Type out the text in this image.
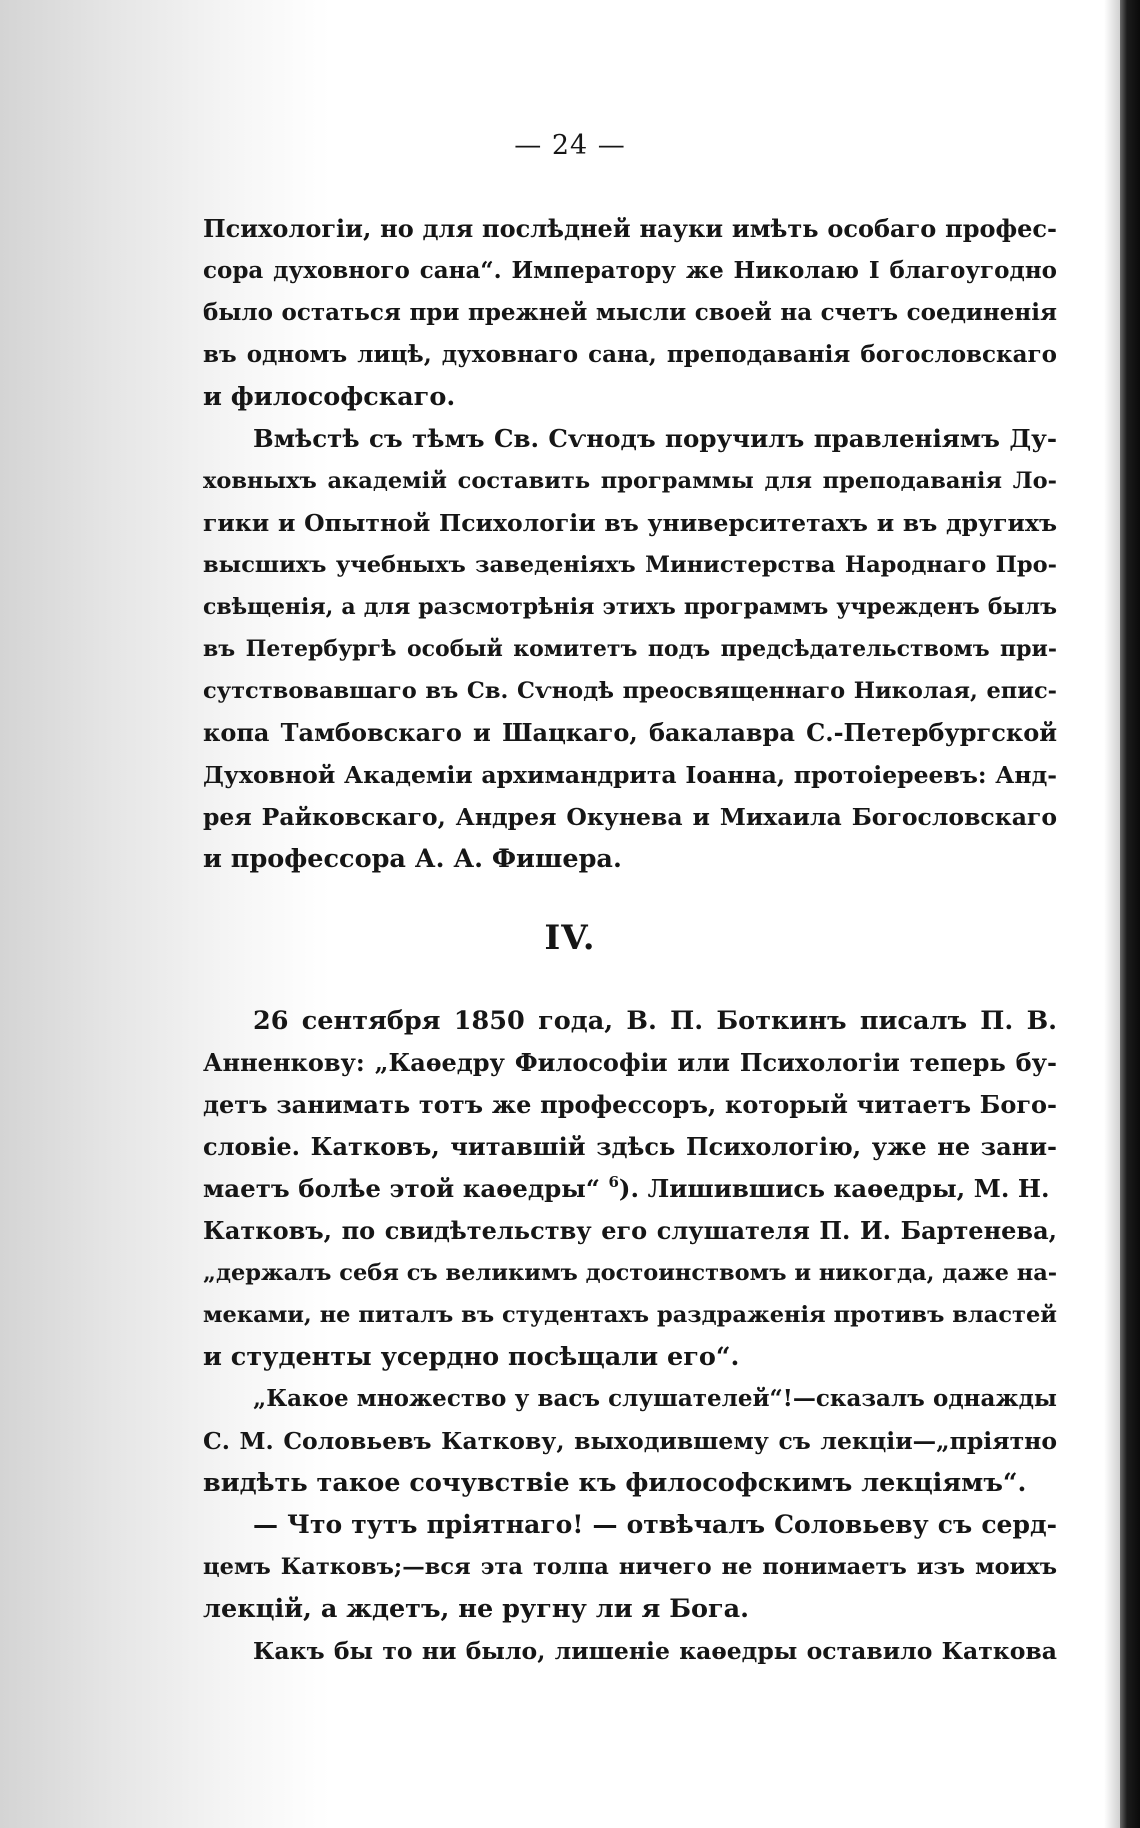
— 24 —
Психологіи, но для послѣдней науки имѣть особаго профес-
сора духовного сана“. Императору же Николаю I благоугодно
было остаться при прежней мысли своей на счетъ соединенія
въ одномъ лицѣ, духовнаго сана, преподаванія богословскаго
и философскаго.
Вмѣстѣ съ тѣмъ Св. Сѵнодъ поручилъ правленіямъ Ду-
ховныхъ академій составить программы для преподаванія Ло-
гики и Опытной Психологіи въ университетахъ и въ другихъ
высшихъ учебныхъ заведеніяхъ Министерства Народнаго Про-
свѣщенія, а для разсмотрѣнія этихъ программъ учрежденъ былъ
въ Петербургѣ особый комитетъ подъ предсѣдательствомъ при-
сутствовавшаго въ Св. Сѵнодѣ преосвященнаго Николая, епис-
копа Тамбовскаго и Шацкаго, бакалавра С.-Петербургской
Духовной Академіи архимандрита Іоанна, протоіереевъ: Анд-
рея Райковскаго, Андрея Окунева и Михаила Богословскаго
и профессора А. А. Фишера.
IV.
26 сентября 1850 года, В. П. Боткинъ писалъ П. В.
Анненкову: „Каѳедру Философіи или Психологіи теперь бу-
детъ занимать тотъ же профессоръ, который читаетъ Бого-
словіе. Катковъ, читавшій здѣсь Психологію, уже не зани-
маетъ болѣе этой каѳедры“ $^6$). Лишившись каѳедры, М. Н.
Катковъ, по свидѣтельству его слушателя П. И. Бартенева,
„держалъ себя съ великимъ достоинствомъ и никогда, даже на-
меками, не питалъ въ студентахъ раздраженія противъ властей
и студенты усердно посѣщали его“.
„Какое множество у васъ слушателей“!—сказалъ однажды
С. М. Соловьевъ Каткову, выходившему съ лекціи—„пріятно
видѣть такое сочувствіе къ философскимъ лекціямъ“.
— Что тутъ пріятнаго! — отвѣчалъ Соловьеву съ серд-
цемъ Катковъ;—вся эта толпа ничего не понимаетъ изъ моихъ
лекцій, а ждетъ, не ругну ли я Бога.
Какъ бы то ни было, лишеніе каѳедры оставило Каткова
